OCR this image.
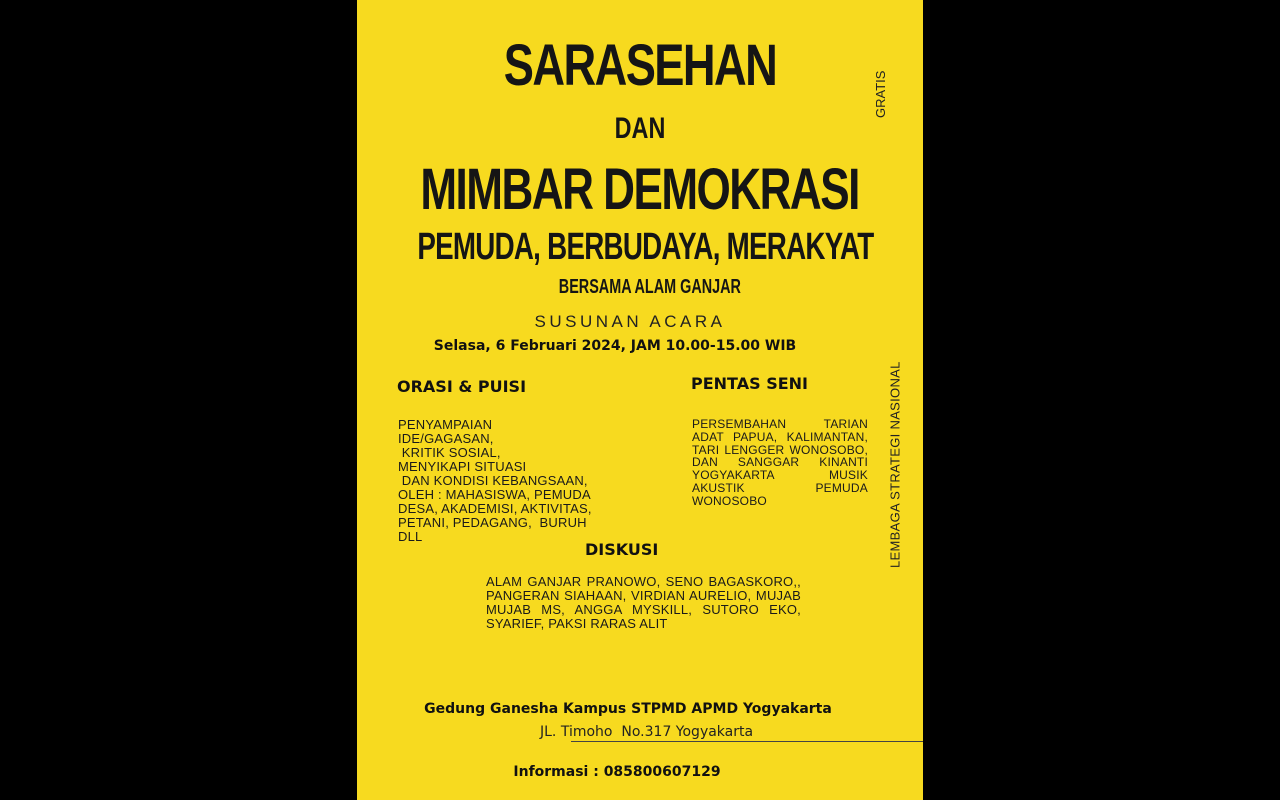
SARASEHAN
DAN
MIMBAR DEMOKRASI
PEMUDA, BERBUDAYA, MERAKYAT
BERSAMA ALAM GANJAR
GRATIS
SUSUNAN ACARA
Selasa, 6 Februari 2024, JAM 10.00-15.00 WIB
ORASI & PUISI
PENYAMPAIAN
IDE/GAGASAN,
KRITIK SOSIAL,
MENYIKAPI SITUASI
DAN KONDISI KEBANGSAAN,
OLEH : MAHASISWA, PEMUDA
DESA, AKADEMISI, AKTIVITAS,
PETANI, PEDAGANG,  BURUH
DLL
PENTAS SENI
PERSEMBAHAN TARIAN ADAT PAPUA, KALIMANTAN, TARI LENGGER WONOSOBO, DAN SANGGAR KINANTI YOGYAKARTA MUSIK AKUSTIK PEMUDA WONOSOBO	LEMBAGA STRATEGI NASIONAL
DISKUSI
ALAM GANJAR PRANOWO, SENO BAGASKORO,, PANGERAN SIAHAAN, VIRDIAN AURELIO, MUJAB MUJAB MS, ANGGA MYSKILL, SUTORO EKO, SYARIEF, PAKSI RARAS ALIT
Gedung Ganesha Kampus STPMD APMD Yogyakarta
JL. Timoho  No.317 Yogyakarta
Informasi : 085800607129
